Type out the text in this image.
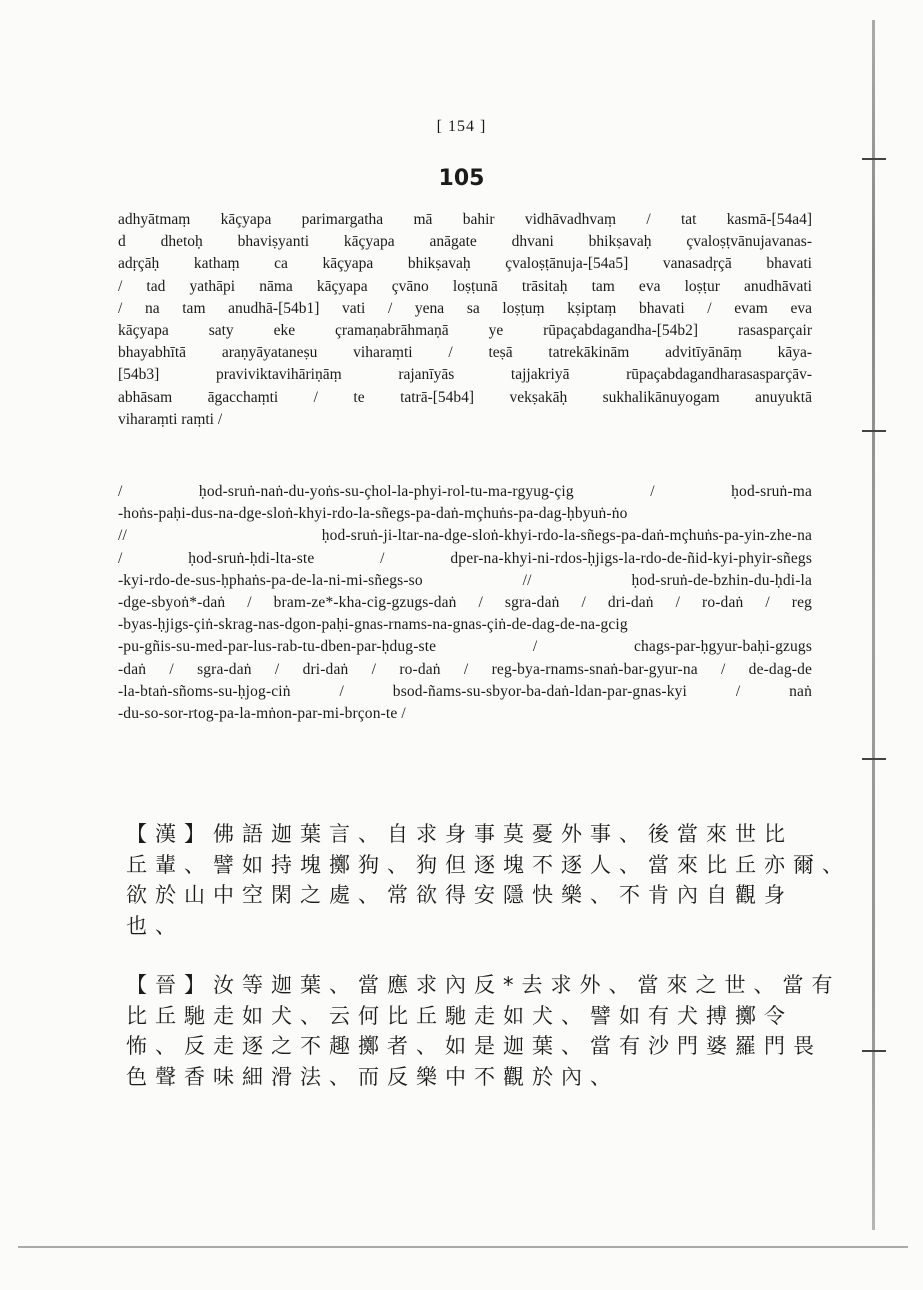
[ 154 ]
105
adhyātmaṃ kāçyapa parimargatha mā bahir vidhāvadhvaṃ / tat kasmā-[54a4]
d dhetoḥ bhaviṣyanti kāçyapa anāgate dhvani bhikṣavaḥ çvaloṣṭvānujavanas-
adṛçāḥ kathaṃ ca kāçyapa bhikṣavaḥ çvaloṣṭānuja-[54a5] vanasadṛçā bhavati
/ tad yathāpi nāma kāçyapa çvāno loṣṭunā trāsitaḥ tam eva loṣṭur anudhāvati
/ na tam anudhā-[54b1] vati / yena sa loṣṭuṃ kṣiptaṃ bhavati / evam eva
kāçyapa saty eke çramaṇabrāhmaṇā ye rūpaçabdagandha-[54b2] rasasparçair
bhayabhītā araṇyāyataneṣu viharaṃti / teṣā tatrekākinām advitīyānāṃ kāya-
[54b3] praviviktavihāriṇāṃ rajanīyās tajjakriyā rūpaçabdagandharasasparçāv-
abhāsam āgacchaṃti / te tatrā-[54b4] vekṣakāḥ sukhalikānuyogam anuyuktā
viharaṃti raṃti /
/ ḥod-sruṅ-naṅ-du-yoṅs-su-çhol-la-phyi-rol-tu-ma-rgyug-çig / ḥod-sruṅ-ma
-hoṅs-paḥi-dus-na-dge-sloṅ-khyi-rdo-la-sñegs-pa-daṅ-mçhuṅs-pa-dag-ḥbyuṅ-ṅo
// ḥod-sruṅ-ji-ltar-na-dge-sloṅ-khyi-rdo-la-sñegs-pa-daṅ-mçhuṅs-pa-yin-zhe-na
/ ḥod-sruṅ-ḥdi-lta-ste / dper-na-khyi-ni-rdos-ḥjigs-la-rdo-de-ñid-kyi-phyir-sñegs
-kyi-rdo-de-sus-ḥphaṅs-pa-de-la-ni-mi-sñegs-so // ḥod-sruṅ-de-bzhin-du-ḥdi-la
-dge-sbyoṅ*-daṅ / bram-ze*-kha-cig-gzugs-daṅ / sgra-daṅ / dri-daṅ / ro-daṅ / reg
-byas-ḥjigs-çiṅ-skrag-nas-dgon-paḥi-gnas-rnams-na-gnas-çiṅ-de-dag-de-na-gcig
-pu-gñis-su-med-par-lus-rab-tu-dben-par-ḥdug-ste / chags-par-ḥgyur-baḥi-gzugs
-daṅ / sgra-daṅ / dri-daṅ / ro-daṅ / reg-bya-rnams-snaṅ-bar-gyur-na / de-dag-de
-la-btaṅ-sñoms-su-ḥjog-ciṅ / bsod-ñams-su-sbyor-ba-daṅ-ldan-par-gnas-kyi / naṅ
-du-so-sor-rtog-pa-la-mṅon-par-mi-brçon-te /
【漢】佛語迦葉言、自求身事莫憂外事、後當來世比
丘輩、譬如持塊擲狗、狗但逐塊不逐人、當來比丘亦爾、
欲於山中空閑之處、常欲得安隱快樂、不肯內自觀身
也、
【晉】汝等迦葉、當應求內反*去求外、當來之世、當有
比丘馳走如犬、云何比丘馳走如犬、譬如有犬搏擲令
怖、反走逐之不趣擲者、如是迦葉、當有沙門婆羅門畏
色聲香味細滑法、而反樂中不觀於內、
